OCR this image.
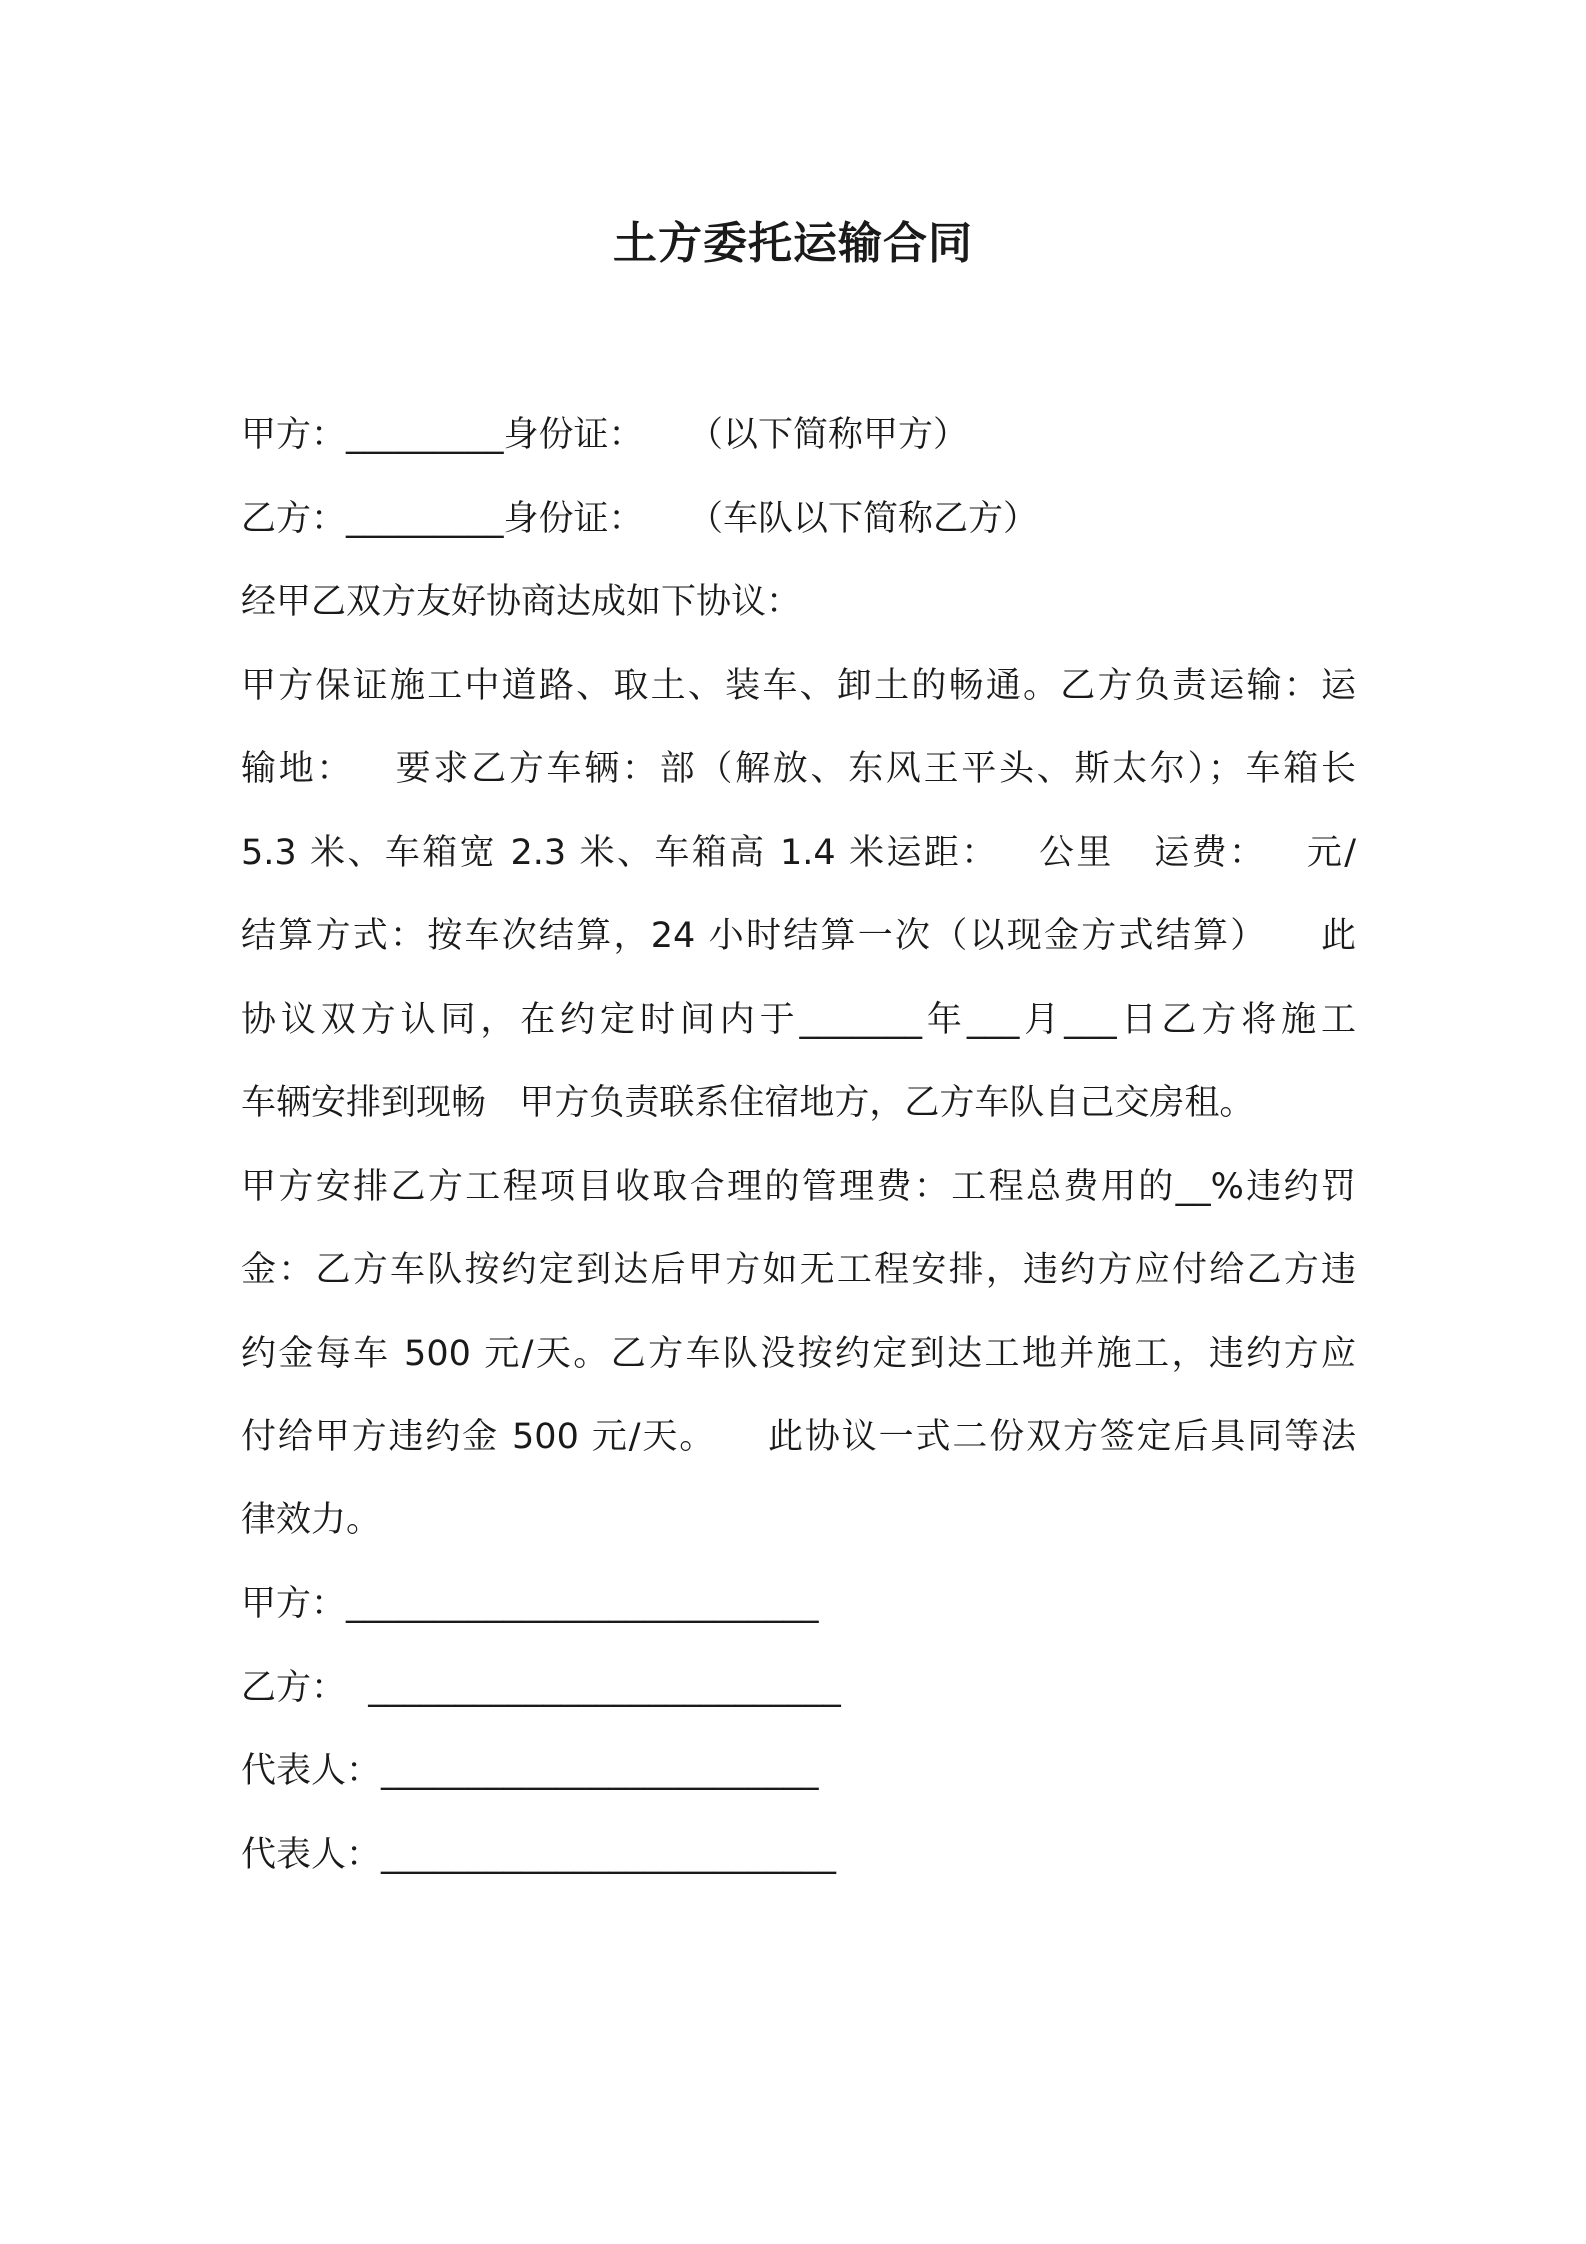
土方委托运输合同
甲方：_________身份证：    （以下简称甲方）
乙方：_________身份证：    （车队以下简称乙方）
经甲乙双方友好协商达成如下协议：
甲方保证施工中道路、取土、装车、卸土的畅通。乙方负责运输：运
输地：   要求乙方车辆：部（解放、东风王平头、斯太尔）；车箱长
5.3 米、车箱宽 2.3 米、车箱高 1.4 米运距：   公里   运费：   元/
结算方式：按车次结算，24 小时结算一次（以现金方式结算）    此
协议双方认同，在约定时间内于_______年___月___日乙方将施工
车辆安排到现畅   甲方负责联系住宿地方，乙方车队自己交房租。
甲方安排乙方工程项目收取合理的管理费：工程总费用的__%违约罚
金：乙方车队按约定到达后甲方如无工程安排，违约方应付给乙方违
约金每车 500 元/天。乙方车队没按约定到达工地并施工，违约方应
付给甲方违约金 500 元/天。    此协议一式二份双方签定后具同等法
律效力。
甲方：___________________________
乙方：  ___________________________
代表人：_________________________
代表人：__________________________
